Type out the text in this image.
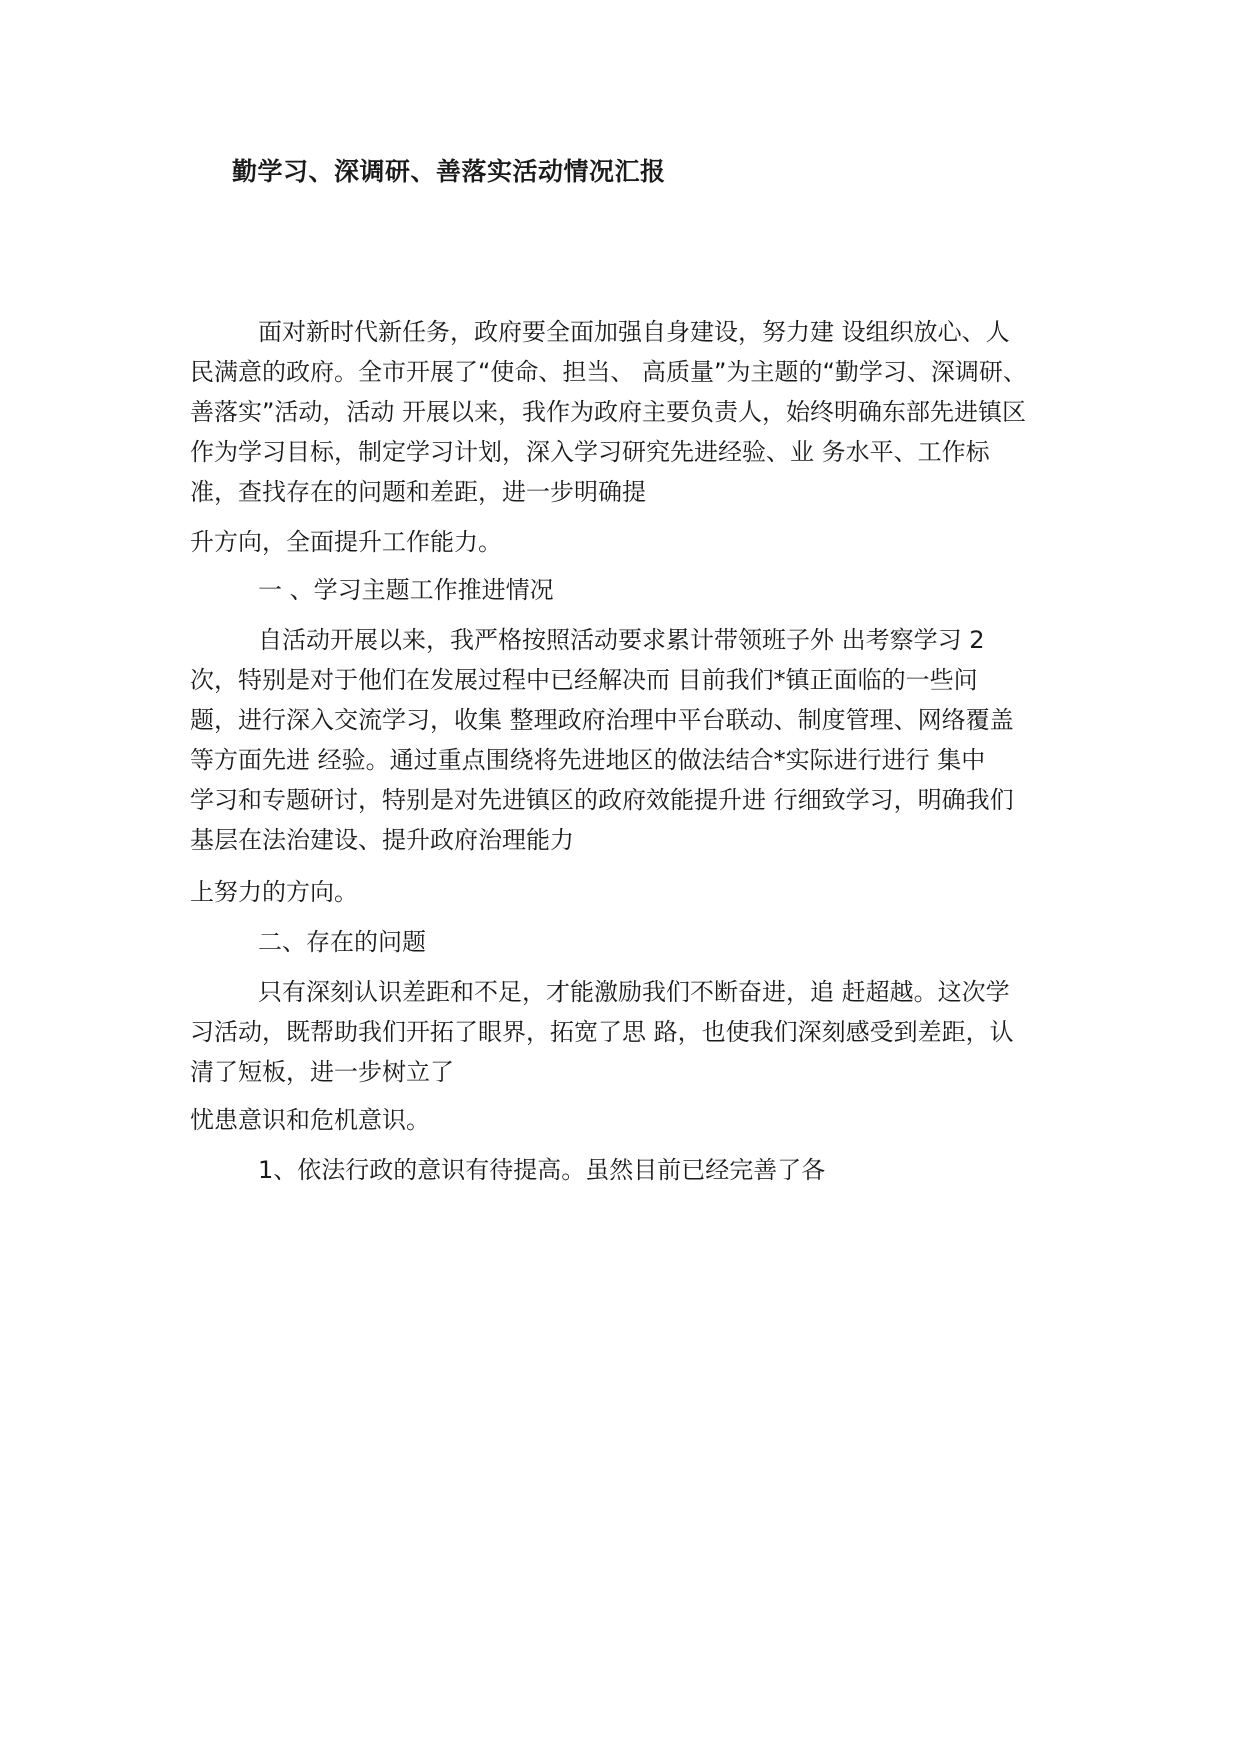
勤学习、深调研、善落实活动情况汇报
面对新时代新任务，政府要全面加强自身建设，努力建 设组织放心、人
民满意的政府。全市开展了“使命、担当、 高质量”为主题的“勤学习、深调研、
善落实”活动，活动 开展以来，我作为政府主要负责人，始终明确东部先进镇区
作为学习目标，制定学习计划，深入学习研究先进经验、业 务水平、工作标
准，查找存在的问题和差距，进一步明确提
升方向，全面提升工作能力。
一 、学习主题工作推进情况
自活动开展以来，我严格按照活动要求累计带领班子外 出考察学习 2
次，特别是对于他们在发展过程中已经解决而 目前我们*镇正面临的一些问
题，进行深入交流学习，收集 整理政府治理中平台联动、制度管理、网络覆盖
等方面先进 经验。通过重点围绕将先进地区的做法结合*实际进行进行 集中
学习和专题研讨，特别是对先进镇区的政府效能提升进 行细致学习，明确我们
基层在法治建设、提升政府治理能力
上努力的方向。
二、存在的问题
只有深刻认识差距和不足，才能激励我们不断奋进，追 赶超越。这次学
习活动，既帮助我们开拓了眼界，拓宽了思 路，也使我们深刻感受到差距，认
清了短板，进一步树立了
忧患意识和危机意识。
1、依法行政的意识有待提高。虽然目前已经完善了各
